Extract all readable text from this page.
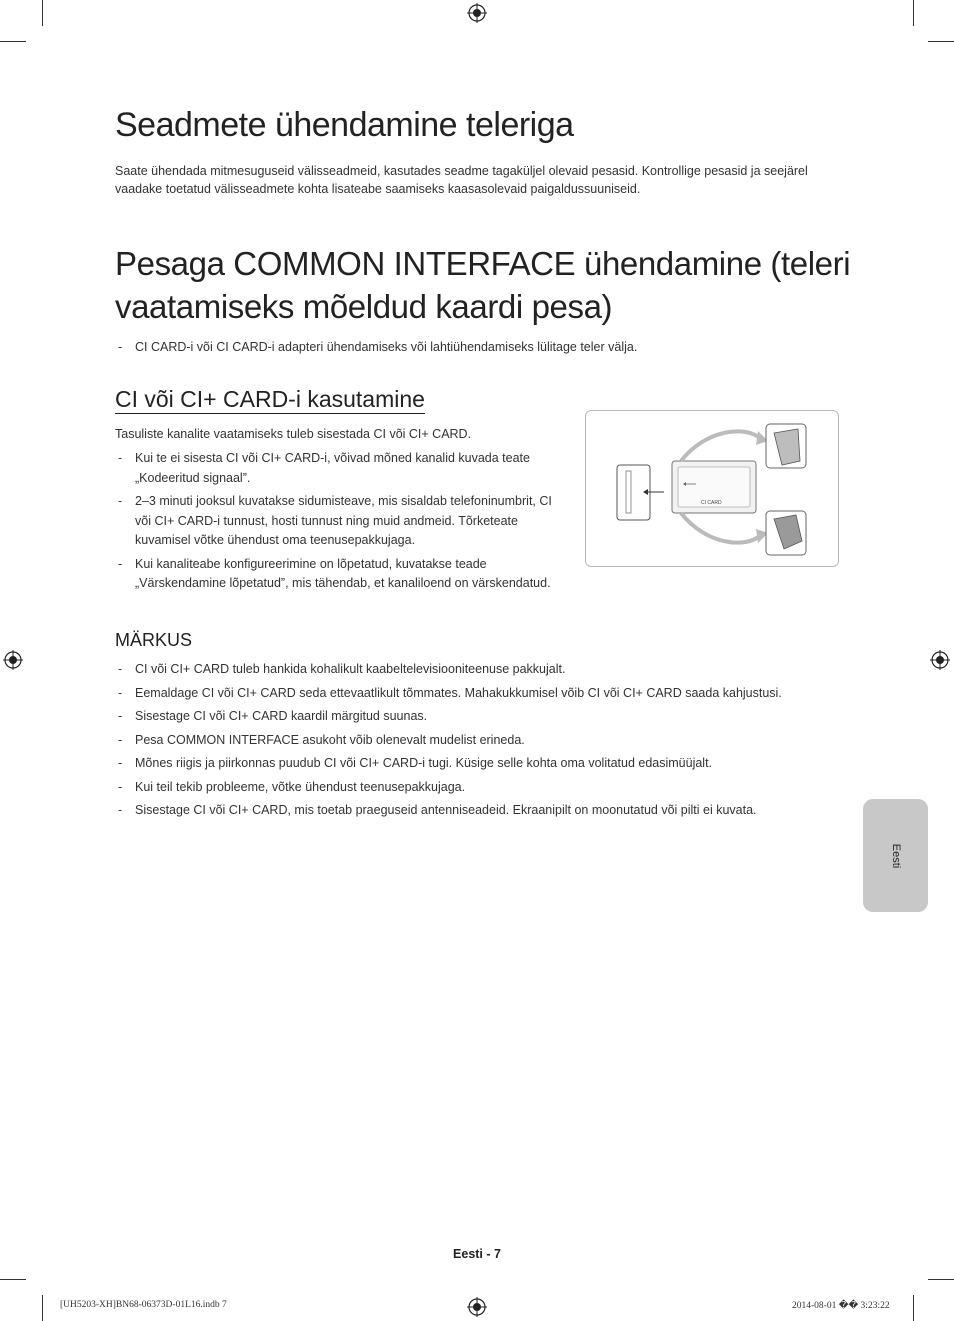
Seadmete ühendamine teleriga

Saate ühendada mitmesuguseid välisseadmeid, kasutades seadme tagaküljel olevaid pesasid. Kontrollige pesasid ja seejärel vaadake toetatud välisseadmete kohta lisateabe saamiseks kaasasolevaid paigaldussuuniseid.

Pesaga COMMON INTERFACE ühendamine (teleri vaatamiseks mõeldud kaardi pesa)
- CI CARD-i või CI CARD-i adapteri ühendamiseks või lahtiühendamiseks lülitage teler välja.
CI või CI+ CARD-i kasutamine

Tasuliste kanalite vaatamiseks tuleb sisestada CI või CI+ CARD.

- Kui te ei sisesta CI või CI+ CARD-i, võivad mõned kanalid kuvada teate „Kodeeritud signaal”.
- 2–3 minuti jooksul kuvatakse sidumisteave, mis sisaldab telefoninumbrit, CI või CI+ CARD-i tunnust, hosti tunnust ning muid andmeid. Tõrketeate kuvamisel võtke ühendust oma teenusepakkujaga.
- Kui kanaliteabe konfigureerimine on lõpetatud, kuvatakse teade „Värskendamine lõpetatud”, mis tähendab, et kanaliloend on värskendatud.
CI CARD
MÄRKUS
- CI või CI+ CARD tuleb hankida kohalikult kaabeltelevisiooniteenuse pakkujalt.
- Eemaldage CI või CI+ CARD seda ettevaatlikult tõmmates. Mahakukkumisel võib CI või CI+ CARD saada kahjustusi.
- Sisestage CI või CI+ CARD kaardil märgitud suunas.
- Pesa COMMON INTERFACE asukoht võib olenevalt mudelist erineda.
- Mõnes riigis ja piirkonnas puudub CI või CI+ CARD-i tugi. Küsige selle kohta oma volitatud edasimüüjalt.
- Kui teil tekib probleeme, võtke ühendust teenusepakkujaga.
- Sisestage CI või CI+ CARD, mis toetab praeguseid antenniseadeid. Ekraanipilt on moonutatud või pilti ei kuvata.
Eesti
Eesti - 7
[UH5203-XH]BN68-06373D-01L16.indb 7	2014-08-01 �� 3:23:22
